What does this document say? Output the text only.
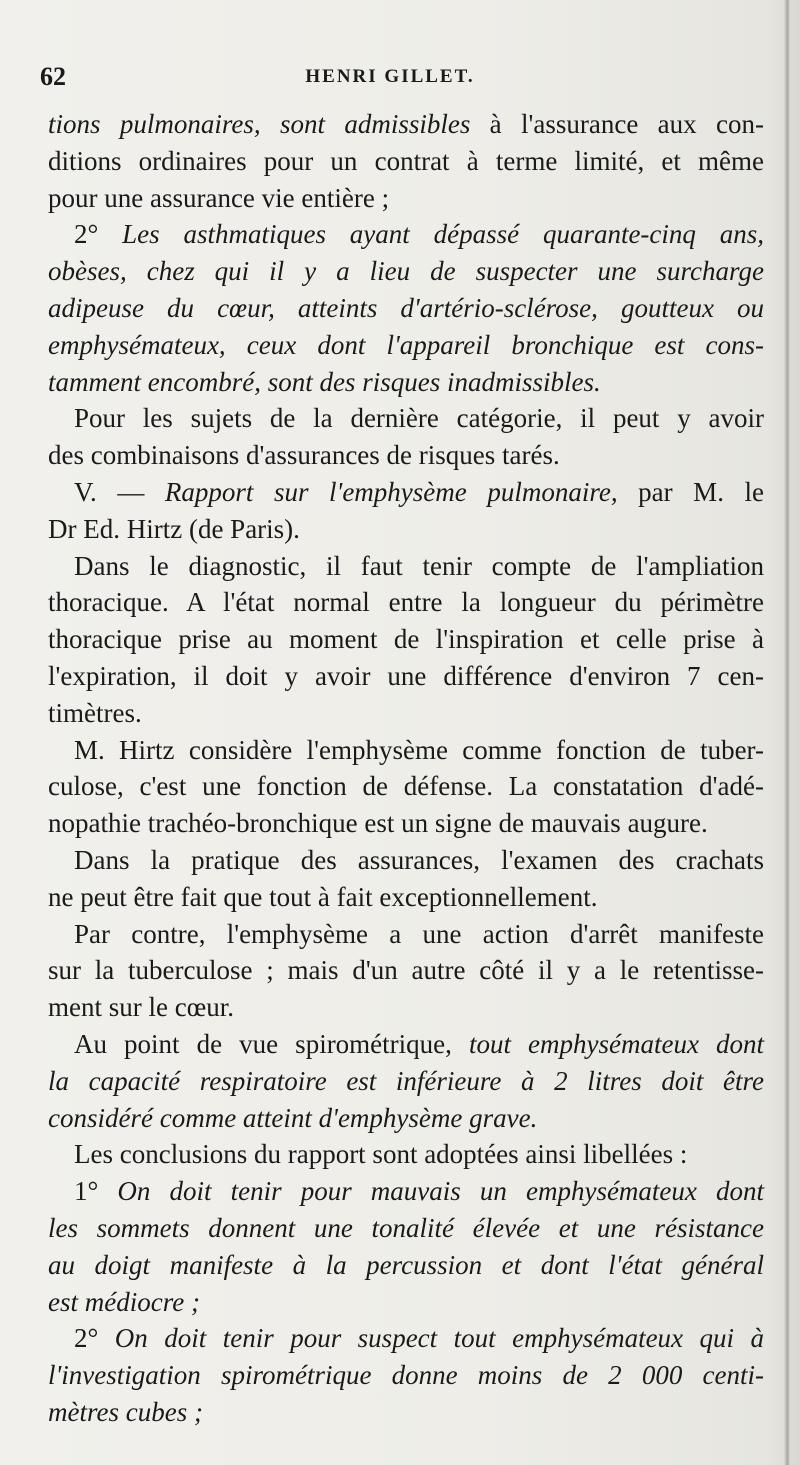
62	HENRI GILLET.
tions pulmonaires, sont admissibles à l'assurance aux con-
ditions ordinaires pour un contrat à terme limité, et même
pour une assurance vie entière ;
2° Les asthmatiques ayant dépassé quarante-cinq ans,
obèses, chez qui il y a lieu de suspecter une surcharge
adipeuse du cœur, atteints d'artério-sclérose, goutteux ou
emphysémateux, ceux dont l'appareil bronchique est cons-
tamment encombré, sont des risques inadmissibles.
Pour les sujets de la dernière catégorie, il peut y avoir
des combinaisons d'assurances de risques tarés.
V. — Rapport sur l'emphysème pulmonaire, par M. le
Dr Ed. Hirtz (de Paris).
Dans le diagnostic, il faut tenir compte de l'ampliation
thoracique. A l'état normal entre la longueur du périmètre
thoracique prise au moment de l'inspiration et celle prise à
l'expiration, il doit y avoir une différence d'environ 7 cen-
timètres.
M. Hirtz considère l'emphysème comme fonction de tuber-
culose, c'est une fonction de défense. La constatation d'adé-
nopathie trachéo-bronchique est un signe de mauvais augure.
Dans la pratique des assurances, l'examen des crachats
ne peut être fait que tout à fait exceptionnellement.
Par contre, l'emphysème a une action d'arrêt manifeste
sur la tuberculose ; mais d'un autre côté il y a le retentisse-
ment sur le cœur.
Au point de vue spirométrique, tout emphysémateux dont
la capacité respiratoire est inférieure à 2 litres doit être
considéré comme atteint d'emphysème grave.
Les conclusions du rapport sont adoptées ainsi libellées :
1° On doit tenir pour mauvais un emphysémateux dont
les sommets donnent une tonalité élevée et une résistance
au doigt manifeste à la percussion et dont l'état général
est médiocre ;
2° On doit tenir pour suspect tout emphysémateux qui à
l'investigation spirométrique donne moins de 2 000 centi-
mètres cubes ;
